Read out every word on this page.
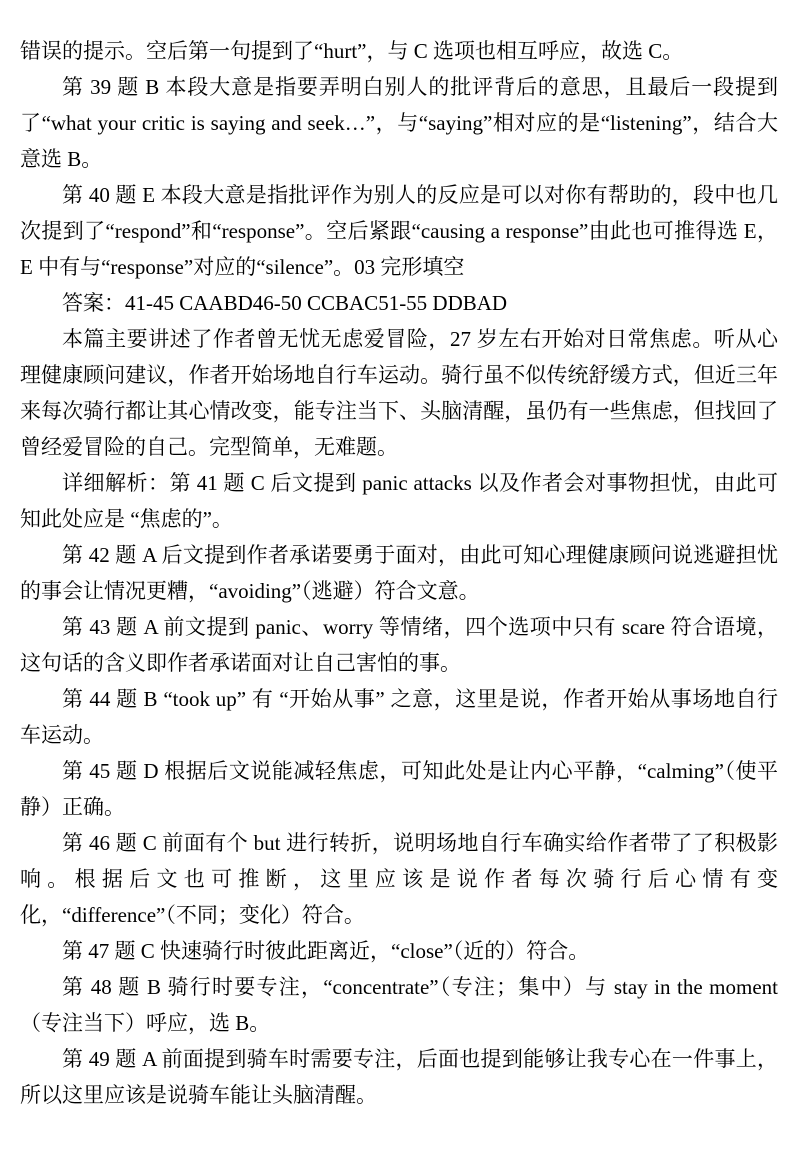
错误的提示。空后第一句提到了“hurt”，与 C 选项也相互呼应，故选 C。

第 39 题 B 本段大意是指要弄明白别人的批评背后的意思，且最后一段提到了“what your critic is saying and seek…”，与“saying”相对应的是“listening”，结合大意选 B。

第 40 题 E 本段大意是指批评作为别人的反应是可以对你有帮助的，段中也几次提到了“respond”和“response”。空后紧跟“causing a response”由此也可推得选 E，E 中有与“response”对应的“silence”。03 完形填空

答案：41-45 CAABD46-50 CCBAC51-55 DDBAD

本篇主要讲述了作者曾无忧无虑爱冒险，27 岁左右开始对日常焦虑。听从心理健康顾问建议，作者开始场地自行车运动。骑行虽不似传统舒缓方式，但近三年来每次骑行都让其心情改变，能专注当下、头脑清醒，虽仍有一些焦虑，但找回了曾经爱冒险的自己。完型简单，无难题。

详细解析：第 41 题 C 后文提到 panic attacks 以及作者会对事物担忧，由此可知此处应是 “焦虑的”。

第 42 题 A 后文提到作者承诺要勇于面对，由此可知心理健康顾问说逃避担忧的事会让情况更糟，“avoiding”（逃避）符合文意。

第 43 题 A 前文提到 panic、worry 等情绪，四个选项中只有 scare 符合语境，这句话的含义即作者承诺面对让自己害怕的事。

第 44 题 B “took up” 有 “开始从事” 之意，这里是说，作者开始从事场地自行车运动。

第 45 题 D 根据后文说能减轻焦虑，可知此处是让内心平静，“calming”（使平静）正确。

第 46 题 C 前面有个 but 进行转折，说明场地自行车确实给作者带了了积极影响。根据后文也可推断，这里应该是说作者每次骑行后心情有变化，“difference”（不同；变化）符合。

第 47 题 C 快速骑行时彼此距离近，“close”（近的）符合。

第 48 题 B 骑行时要专注，“concentrate”（专注；集中）与 stay in the moment（专注当下）呼应，选 B。

第 49 题 A 前面提到骑车时需要专注，后面也提到能够让我专心在一件事上，所以这里应该是说骑车能让头脑清醒。
